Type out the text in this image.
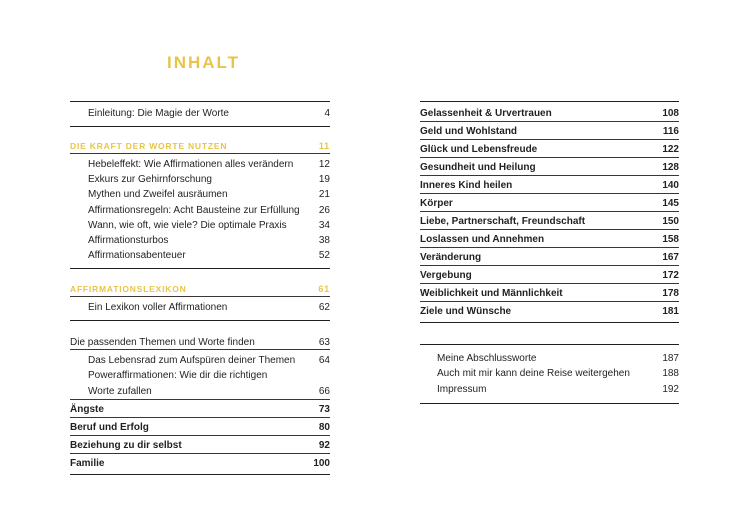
INHALT
Einleitung: Die Magie der Worte	4
DIE KRAFT DER WORTE NUTZEN	11
Hebeleffekt: Wie Affirmationen alles verändern	12
Exkurs zur Gehirnforschung	19
Mythen und Zweifel ausräumen	21
Affirmationsregeln: Acht Bausteine zur Erfüllung 26
Wann, wie oft, wie viele? Die optimale Praxis	34
Affirmationsturbos	38
Affirmationsabenteuer	52
AFFIRMATIONSLEXIKON	61
Ein Lexikon voller Affirmationen	62
Die passenden Themen und Worte finden	63
Das Lebensrad zum Aufspüren deiner Themen 64
Poweraffirmationen: Wie dir die richtigen
Worte zufallen	66
Ängste	73
Beruf und Erfolg	80
Beziehung zu dir selbst	92
Familie	100
Gelassenheit & Urvertrauen	108
Geld und Wohlstand	116
Glück und Lebensfreude	122
Gesundheit und Heilung	128
Inneres Kind heilen	140
Körper	145
Liebe, Partnerschaft, Freundschaft	150
Loslassen und Annehmen	158
Veränderung	167
Vergebung	172
Weiblichkeit und Männlichkeit	178
Ziele und Wünsche	181
Meine Abschlussworte	187
Auch mit mir kann deine Reise weitergehen	188
Impressum	192
